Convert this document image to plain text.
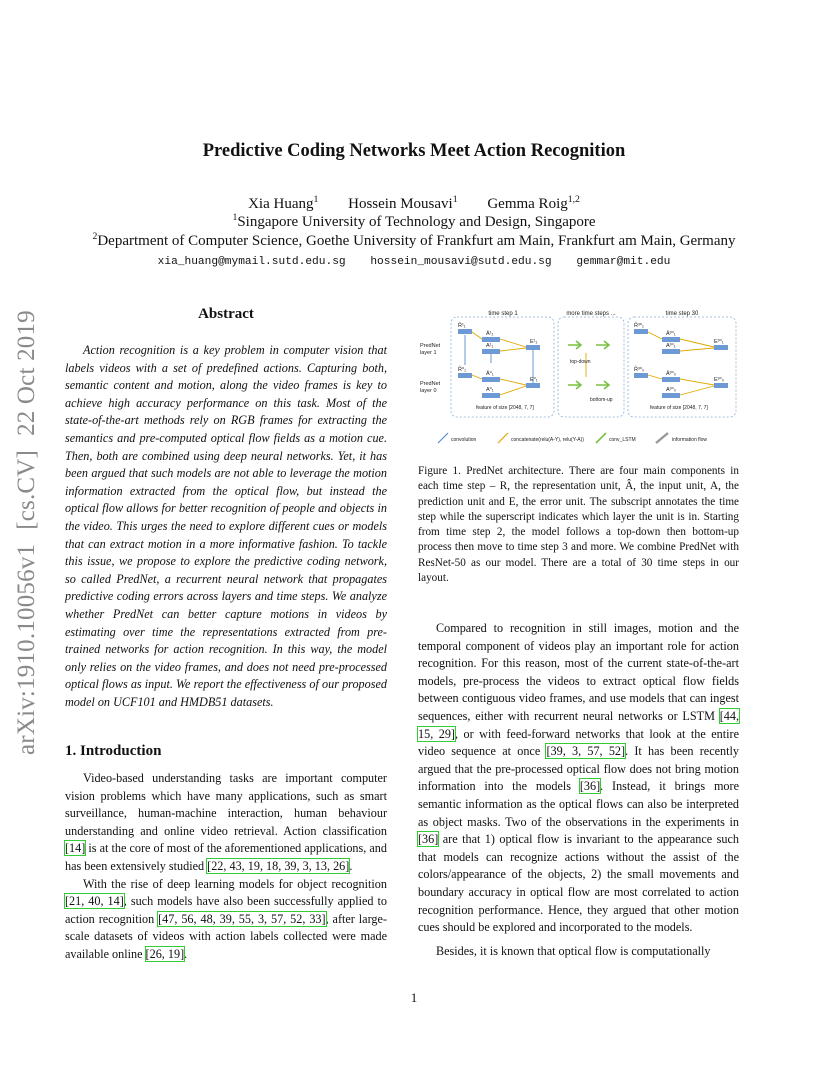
arXiv:1910.10056v1[cs.CV]22 Oct 2019
Predictive Coding Networks Meet Action Recognition
Xia Huang$^1$ Hossein Mousavi$^1$ Gemma Roig$^{1,2}$
$^1$Singapore University of Technology and Design, Singapore
$^2$Department of Computer Science, Goethe University of Frankfurt am Main, Frankfurt am Main, Germany
xia_huang@mymail.sutd.edu.sg hossein_mousavi@sutd.edu.sg gemmar@mit.edu
Abstract

Action recognition is a key problem in computer vision that labels videos with a set of predefined actions. Capturing both, semantic content and motion, along the video frames is key to achieve high accuracy performance on this task. Most of the state-of-the-art methods rely on RGB frames for extracting the semantics and pre-computed optical flow fields as a motion cue. Then, both are combined using deep neural networks. Yet, it has been argued that such models are not able to leverage the motion information extracted from the optical flow, but instead the optical flow allows for better recognition of people and objects in the video. This urges the need to explore different cues or models that can extract motion in a more informative fashion. To tackle this issue, we propose to explore the predictive coding network, so called PredNet, a recurrent neural network that propagates predictive coding errors across layers and time steps. We analyze whether PredNet can better capture motions in videos by estimating over time the representations extracted from pre-trained networks for action recognition. In this way, the model only relies on the video frames, and does not need pre-processed optical flows as input. We report the effectiveness of our proposed model on UCF101 and HMDB51 datasets.

1. Introduction

Video-based understanding tasks are important computer vision problems which have many applications, such as smart surveillance, human-machine interaction, human behaviour understanding and online video retrieval. Action classification [14] is at the core of most of the aforementioned applications, and has been extensively studied [22, 43, 19, 18, 39, 3, 13, 26].

With the rise of deep learning models for object recognition [21, 40, 14], such models have also been successfully applied to action recognition [47, 56, 48, 39, 55, 3, 57, 52, 33], after large-scale datasets of videos with action labels collected were made available online [26, 19].

time step 1	more time steps ...	time step 30
PredNet layer 1
PredNet layer 0
R̂¹₁
Â¹₁
A¹₁
E¹₁
R̂⁰₁
Â⁰₁
A⁰₁
E⁰₁
feature of size [2048, 7, 7]
top-down
bottom-up
R̂³⁰₁
Â³⁰₁
A³⁰₁
E³⁰₁
R̂³⁰₀
Â³⁰₀
A³⁰₀
E³⁰₀
feature of size [2048, 7, 7]
convolution	concatenate(relu(A-Y), relu(Y-A))	conv_LSTM	information flow

Figure 1. PredNet architecture. There are four main components in each time step – R, the representation unit, Â, the input unit, A, the prediction unit and E, the error unit. The subscript annotates the time step while the superscript indicates which layer the unit is in. Starting from time step 2, the model follows a top-down then bottom-up process then move to time step 3 and more. We combine PredNet with ResNet-50 as our model. There are a total of 30 time steps in our layout.

Compared to recognition in still images, motion and the temporal component of videos play an important role for action recognition. For this reason, most of the current state-of-the-art models, pre-process the videos to extract optical flow fields between contiguous video frames, and use models that can ingest sequences, either with recurrent neural networks or LSTM [44, 15, 29], or with feed-forward networks that look at the entire video sequence at once [39, 3, 57, 52]. It has been recently argued that the pre-processed optical flow does not bring motion information into the models [36]. Instead, it brings more semantic information as the optical flows can also be interpreted as object masks. Two of the observations in the experiments in [36] are that 1) optical flow is invariant to the appearance such that models can recognize actions without the assist of the colors/appearance of the objects, 2) the small movements and boundary accuracy in optical flow are most correlated to action recognition performance. Hence, they argued that other motion cues should be explored and incorporated to the models.

Besides, it is known that optical flow is computationally

1
